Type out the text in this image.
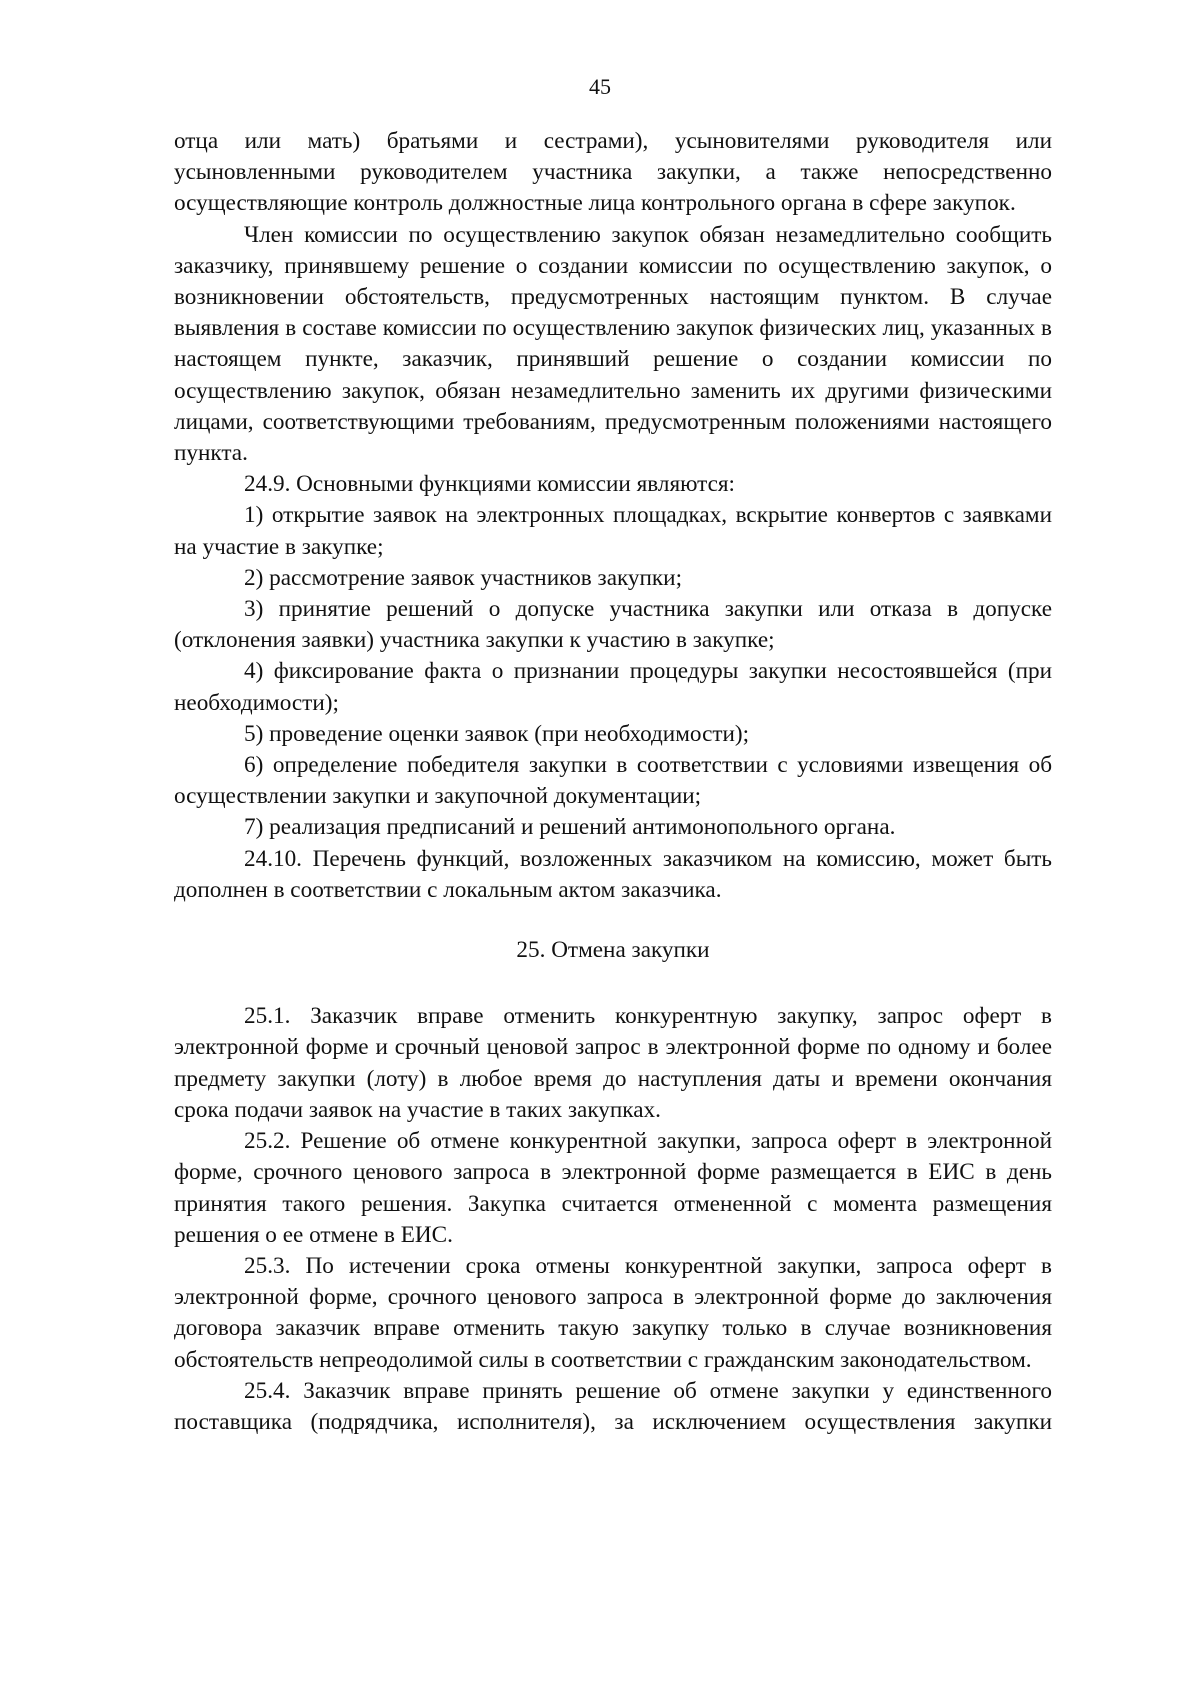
45

отца или мать) братьями и сестрами), усыновителями руководителя или усыновленными руководителем участника закупки, а также непосредственно осуществляющие контроль должностные лица контрольного органа в сфере закупок.

Член комиссии по осуществлению закупок обязан незамедлительно сообщить заказчику, принявшему решение о создании комиссии по осуществлению закупок, о возникновении обстоятельств, предусмотренных настоящим пунктом. В случае выявления в составе комиссии по осуществлению закупок физических лиц, указанных в настоящем пункте, заказчик, принявший решение о создании комиссии по осуществлению закупок, обязан незамедлительно заменить их другими физическими лицами, соответствующими требованиям, предусмотренным положениями настоящего пункта.

24.9. Основными функциями комиссии являются:

1) открытие заявок на электронных площадках, вскрытие конвертов с заявками на участие в закупке;

2) рассмотрение заявок участников закупки;

3) принятие решений о допуске участника закупки или отказа в допуске (отклонения заявки) участника закупки к участию в закупке;

4) фиксирование факта о признании процедуры закупки несостоявшейся (при необходимости);

5) проведение оценки заявок (при необходимости);

6) определение победителя закупки в соответствии с условиями извещения об осуществлении закупки и закупочной документации;

7) реализация предписаний и решений антимонопольного органа.

24.10. Перечень функций, возложенных заказчиком на комиссию, может быть дополнен в соответствии с локальным актом заказчика.

25. Отмена закупки

25.1. Заказчик вправе отменить конкурентную закупку, запрос оферт в электронной форме и срочный ценовой запрос в электронной форме по одному и более предмету закупки (лоту) в любое время до наступления даты и времени окончания срока подачи заявок на участие в таких закупках.

25.2. Решение об отмене конкурентной закупки, запроса оферт в электронной форме, срочного ценового запроса в электронной форме размещается в ЕИС в день принятия такого решения. Закупка считается отмененной с момента размещения решения о ее отмене в ЕИС.

25.3. По истечении срока отмены конкурентной закупки, запроса оферт в электронной форме, срочного ценового запроса в электронной форме до заключения договора заказчик вправе отменить такую закупку только в случае возникновения обстоятельств непреодолимой силы в соответствии с гражданским законодательством.

25.4. Заказчик вправе принять решение об отмене закупки у единственного поставщика (подрядчика, исполнителя), за исключением осуществления закупки
